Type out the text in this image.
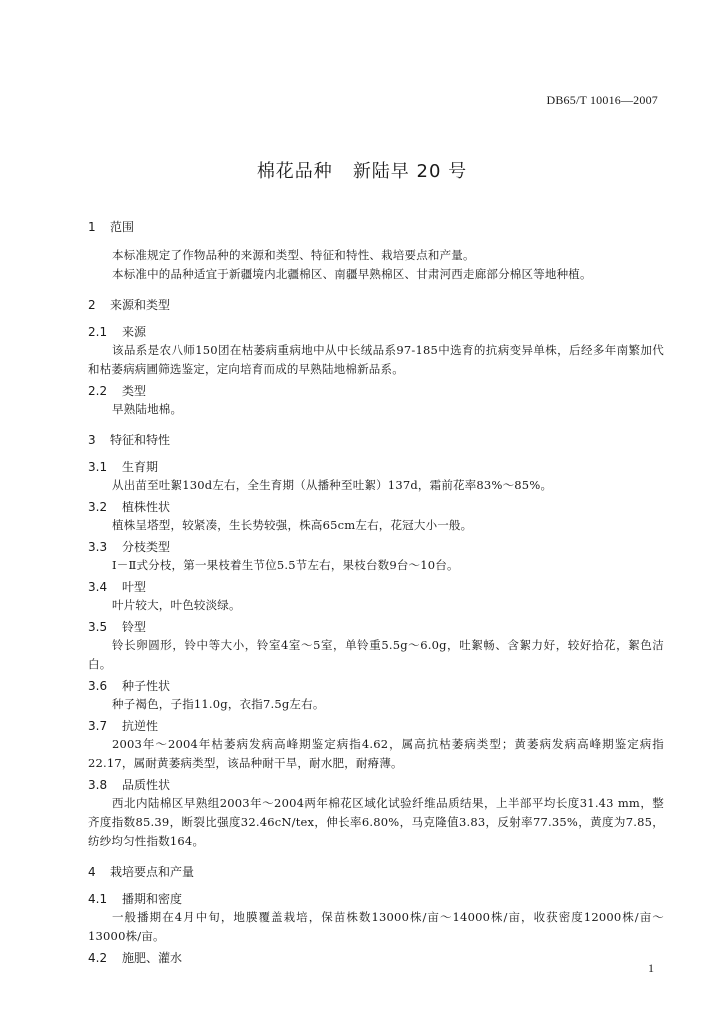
DB65/T 10016—2007
棉花品种 新陆早 20 号

1 范围

本标准规定了作物品种的来源和类型、特征和特性、栽培要点和产量。

本标准中的品种适宜于新疆境内北疆棉区、南疆早熟棉区、甘肃河西走廊部分棉区等地种植。

2 来源和类型

2.1 来源

该品系是农八师150团在枯萎病重病地中从中长绒品系97-185中选育的抗病变异单株，后经多年南繁加代和枯萎病病圃筛选鉴定，定向培育而成的早熟陆地棉新品系。

2.2 类型

早熟陆地棉。

3 特征和特性

3.1 生育期

从出苗至吐絮130d左右，全生育期（从播种至吐絮）137d，霜前花率83%～85%。

3.2 植株性状

植株呈塔型，较紧凑，生长势较强，株高65cm左右，花冠大小一般。

3.3 分枝类型

Ⅰ－Ⅱ式分枝，第一果枝着生节位5.5节左右，果枝台数9台～10台。

3.4 叶型

叶片较大，叶色较淡绿。

3.5 铃型

铃长卵圆形，铃中等大小，铃室4室～5室，单铃重5.5g～6.0g，吐絮畅、含絮力好，较好拾花，絮色洁白。

3.6 种子性状

种子褐色，子指11.0g，衣指7.5g左右。

3.7 抗逆性

2003年～2004年枯萎病发病高峰期鉴定病指4.62，属高抗枯萎病类型；黄萎病发病高峰期鉴定病指22.17，属耐黄萎病类型，该品种耐干旱，耐水肥，耐瘠薄。

3.8 品质性状

西北内陆棉区早熟组2003年～2004两年棉花区域化试验纤维品质结果，上半部平均长度31.43 mm，整齐度指数85.39，断裂比强度32.46cN/tex，伸长率6.80%，马克隆值3.83，反射率77.35%，黄度为7.85，纺纱均匀性指数164。

4 栽培要点和产量

4.1 播期和密度

一般播期在4月中旬，地膜覆盖栽培，保苗株数13000株/亩～14000株/亩，收获密度12000株/亩～13000株/亩。

4.2 施肥、灌水

1
